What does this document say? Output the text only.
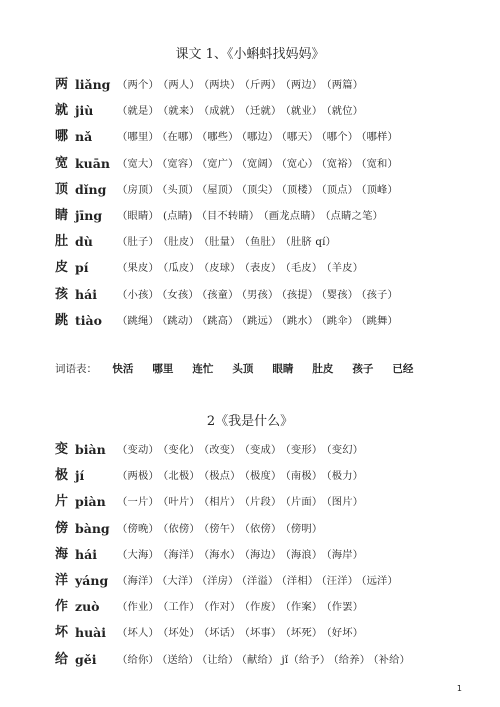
课文 1、《小蝌蚪找妈妈》
两 liǎng （两个） （两人） （两块） （斤两） （两边） （两篇）
就 jiù （就是） （就来） （成就） （迁就） （就业） （就位）
哪 nǎ （哪里） （在哪） （哪些） （哪边） （哪天） （哪个） （哪样）
宽 kuān （宽大） （宽容） （宽广） （宽阔） （宽心） （宽裕） （宽和）
顶 dǐng （房顶） （头顶） （屋顶） （顶尖） （顶楼） （顶点） （顶峰）
睛 jīng （眼睛） (点睛) （目不转睛） （画龙点睛） （点睛之笔）
肚 dù （肚子） （肚皮） （肚量） （鱼肚） （肚脐 qí）
皮 pí	（果皮） （瓜皮） （皮球） （表皮） （毛皮） （羊皮）
孩 hái （小孩） （女孩） （孩童） （男孩） （孩提） （婴孩） （孩子）
跳 tiào （跳绳） （跳动） （跳高） （跳远） （跳水） （跳伞） （跳舞）
词语表： 快活 哪里 连忙 头顶 眼睛 肚皮 孩子 已经
2《我是什么》
变 biàn （变动） （变化） （改变） （变成） （变形） （变幻）
极 jí	（两极） （北极） （极点） （极度） （南极） （极力）
片 piàn （一片） （叶片） （相片） （片段） （片面） （图片）
傍 bàng （傍晚） （依傍） （傍午） （依傍） （傍明）
海 hái （大海） （海洋） （海水） （海边） （海浪） （海岸）
洋 yáng （海洋） （大洋） （洋房） （洋溢） （洋相） （汪洋） （远洋）
作 zuò （作业） （工作） （作对） （作废） （作案） （作罢）
坏 huài （坏人） （坏处） （坏话） （坏事） （坏死） （好坏）
给 gěi （给你） （送给） （让给） （献给） jǐ（给予） （给养） （补给）
1
